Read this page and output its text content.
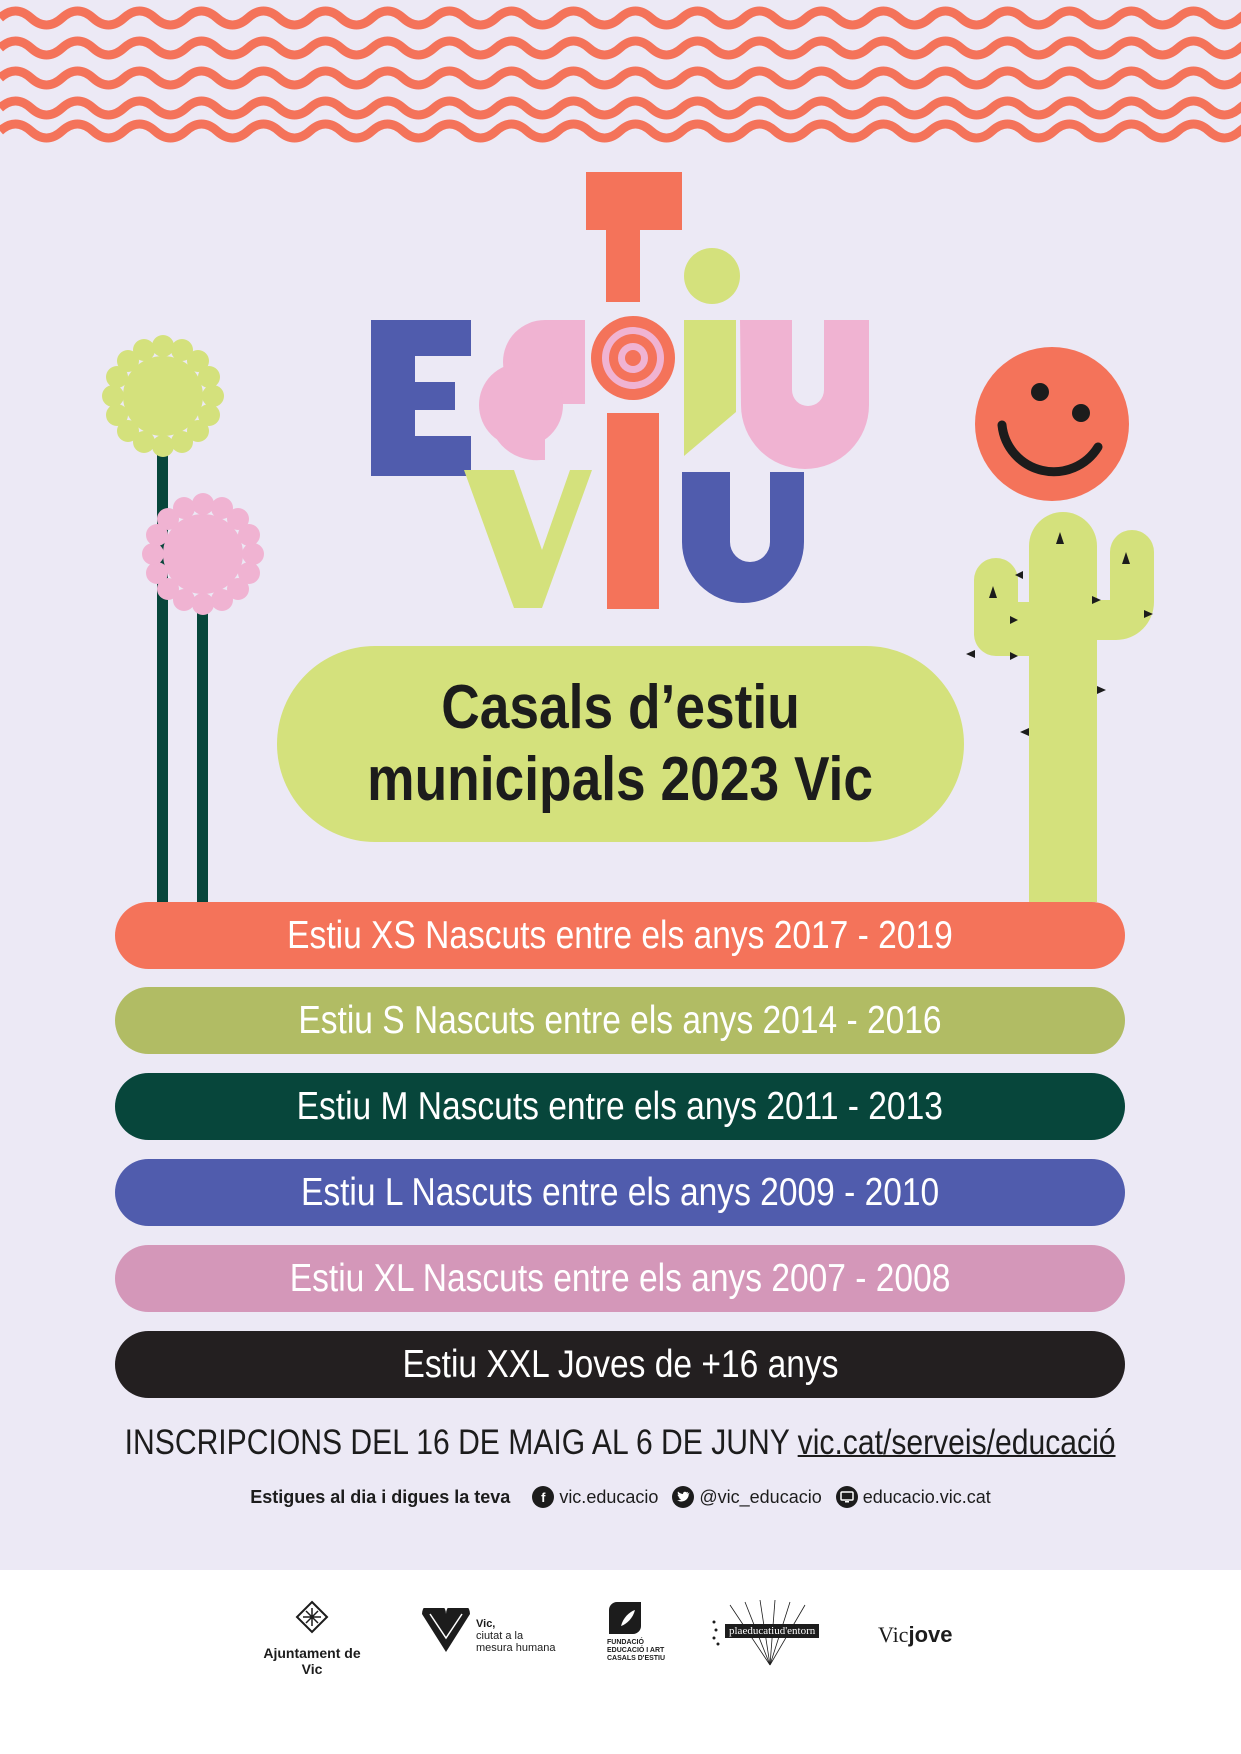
Casals d’estiu
municipals 2023 Vic
Estiu XS Nascuts entre els anys 2017 - 2019
Estiu S Nascuts entre els anys 2014 - 2016
Estiu M Nascuts entre els anys 2011 - 2013
Estiu L Nascuts entre els anys 2009 - 2010
Estiu XL Nascuts entre els anys 2007 - 2008
Estiu XXL Joves de +16 anys
INSCRIPCIONS DEL 16 DE MAIG AL 6 DE JUNY vic.cat/serveis/educació
Estigues al dia i digues la teva	f vic.educacio @vic_educacio educacio.vic.cat
Ajuntament de Vic
Vic,
ciutat a la
mesura humana	FUNDACIÓ
EDUCACIÓ I ART
CASALS D'ESTIU
plaeducatiud'entorn	Vicjove
